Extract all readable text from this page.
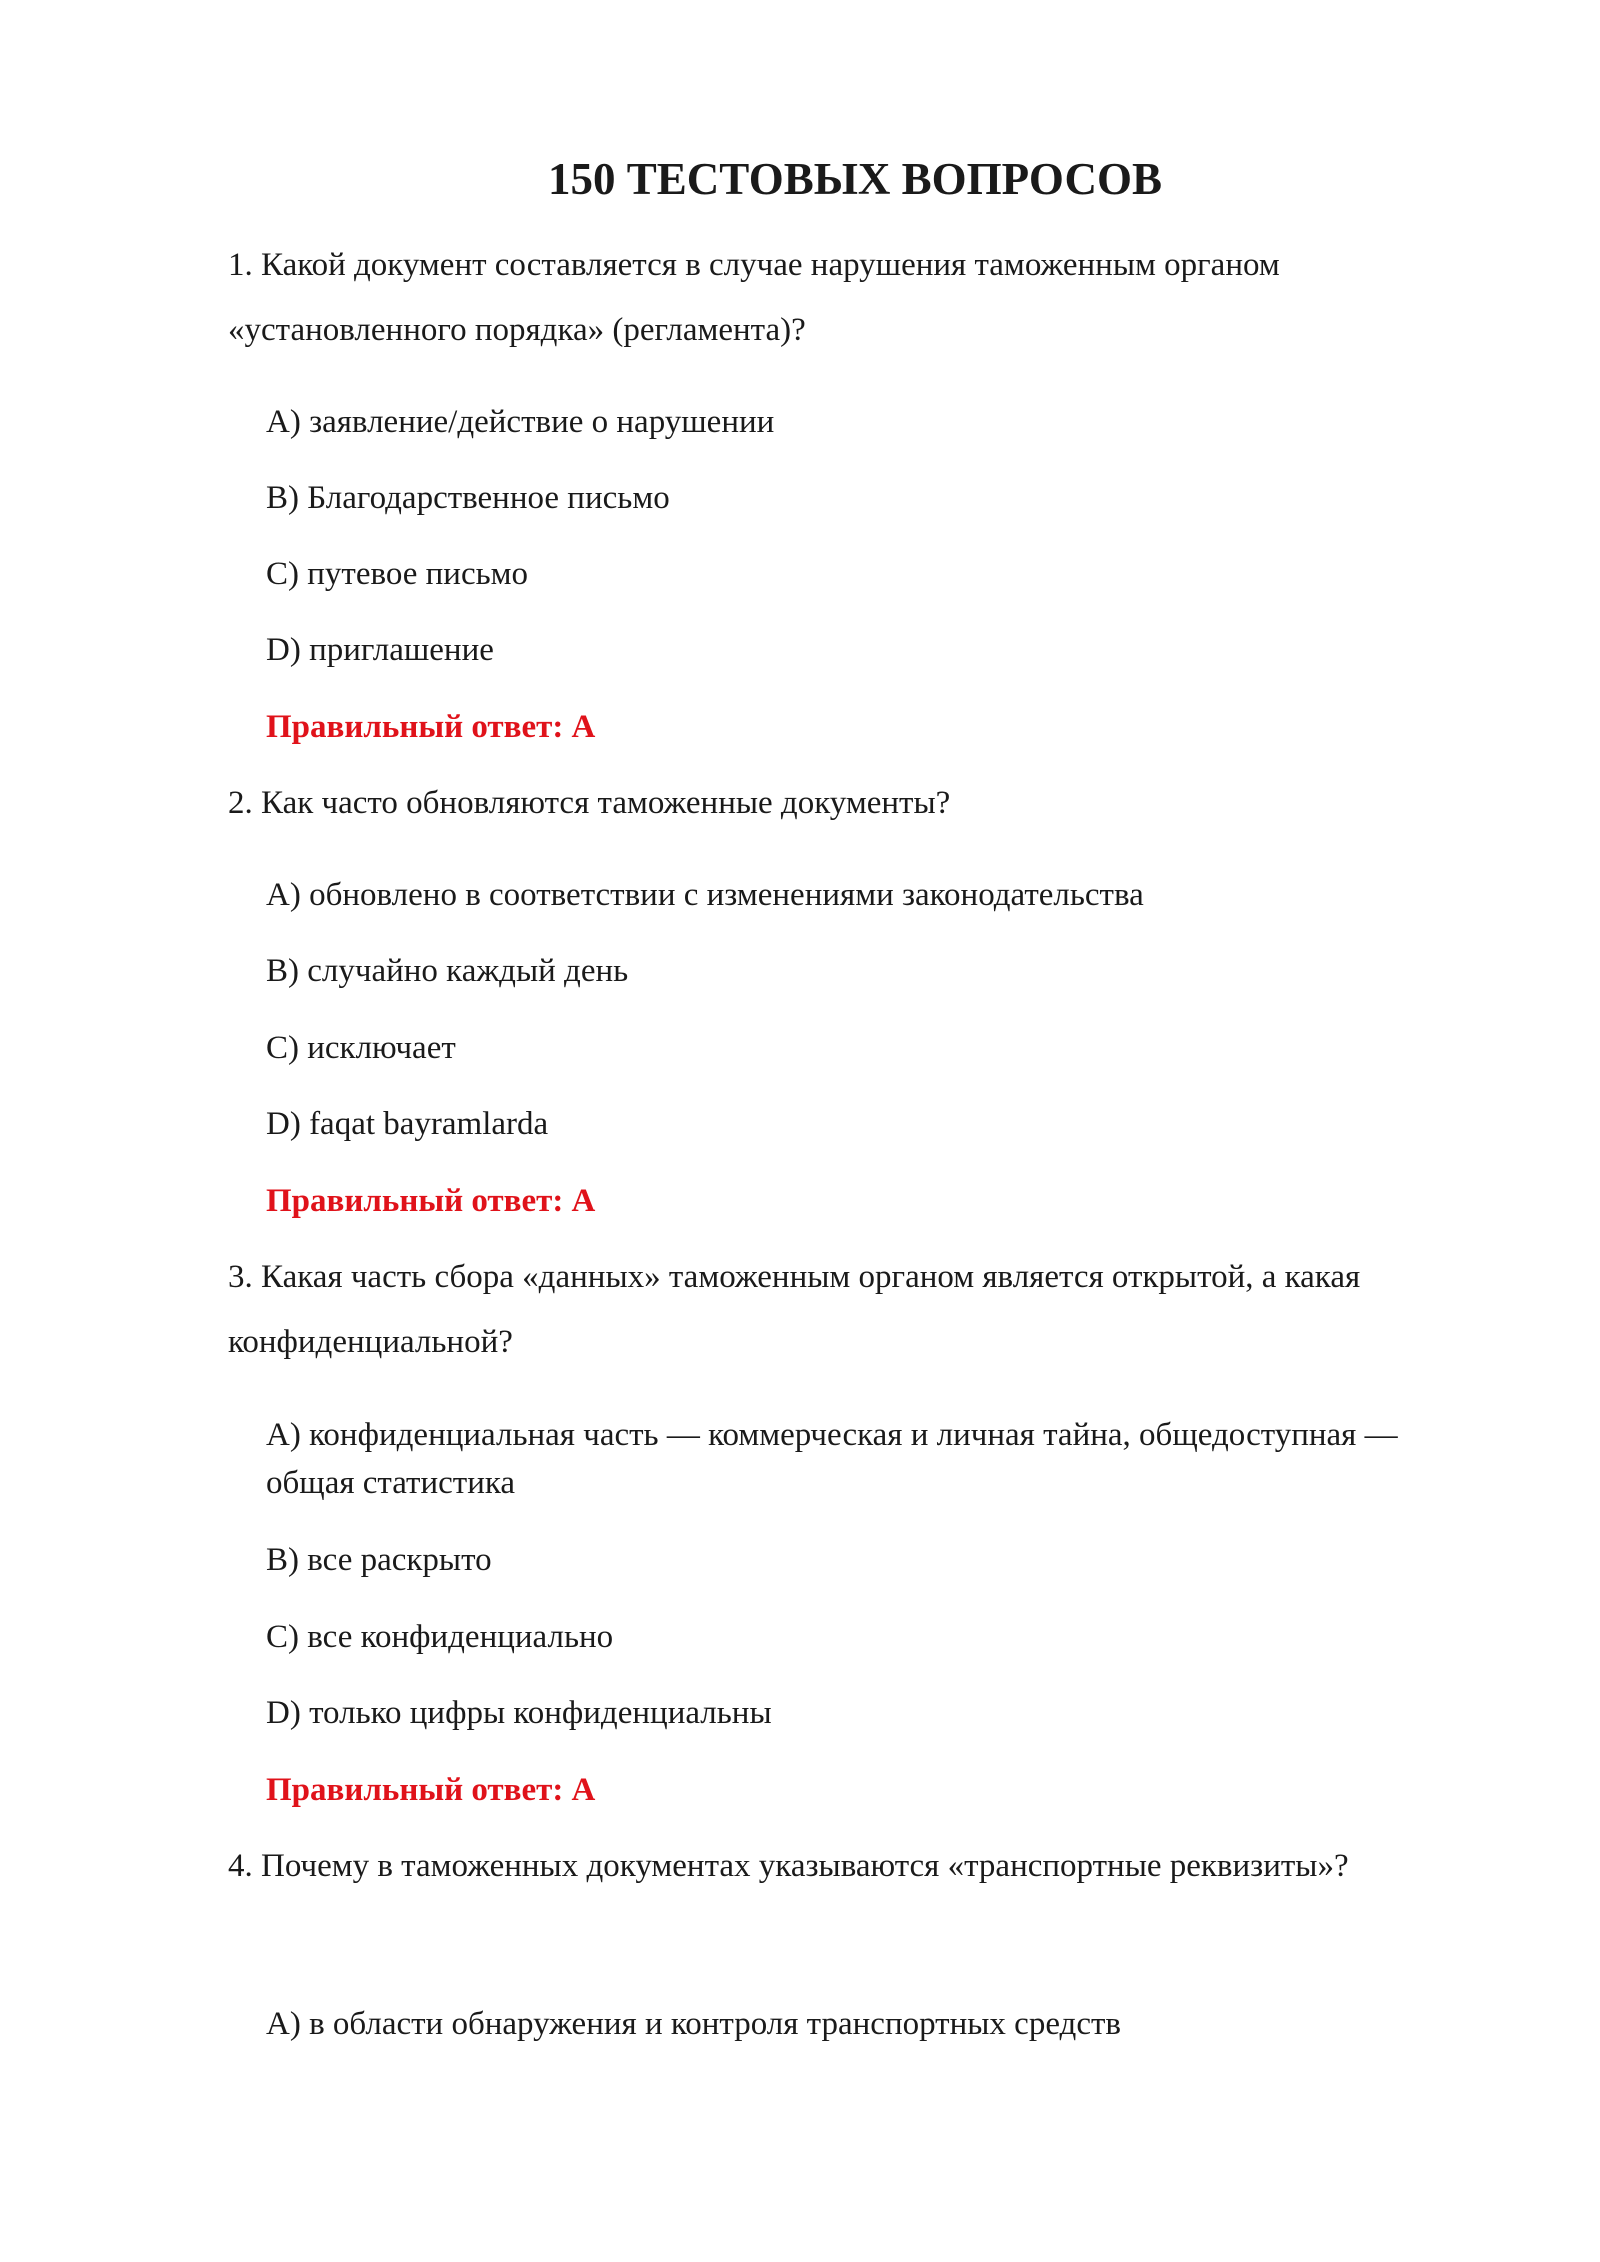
150 ТЕСТОВЫХ ВОПРОСОВ

1. Какой документ составляется в случае нарушения таможенным органом «установленного порядка» (регламента)?

A) заявление/действие о нарушении

B) Благодарственное письмо

C) путевое письмо

D) приглашение

Правильный ответ: A

2. Как часто обновляются таможенные документы?

A) обновлено в соответствии с изменениями законодательства

B) случайно каждый день

C) исключает

D) faqat bayramlarda

Правильный ответ: A

3. Какая часть сбора «данных» таможенным органом является открытой, а какая конфиденциальной?

A) конфиденциальная часть — коммерческая и личная тайна, общедоступная — общая статистика

B) все раскрыто

C) все конфиденциально

D) только цифры конфиденциальны

Правильный ответ: A

4. Почему в таможенных документах указываются «транспортные реквизиты»?

A) в области обнаружения и контроля транспортных средств
